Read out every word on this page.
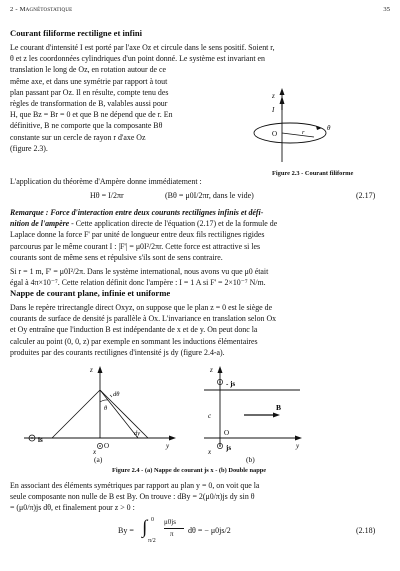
2 - Magnétostatique	35
Courant filiforme rectiligne et infini
Le courant d'intensité I est porté par l'axe Oz et circule dans le sens positif. Soient r,
θ et z les coordonnées cylindriques d'un point donné. Le système est invariant en
translation le long de Oz, en rotation autour de ce
même axe, et dans une symétrie par rapport à tout
plan passant par Oz. Il en résulte, compte tenu des
règles de transformation de B, valables aussi pour
H, que Bz = Br = 0 et que B ne dépend que de r. En
définitive, B ne comporte que la composante Bθ
constante sur un cercle de rayon r d'axe Oz
(figure 2.3).
z
I
O	r
θ
Figure 2.3 - Courant filiforme
L'application du théorème d'Ampère donne immédiatement :
Hθ = I/2πr	(Bθ = μ0I/2πr, dans le vide)	(2.17)
Remarque : Force d'interaction entre deux courants rectilignes infinis et défi-
nition de l'ampère - Cette application directe de l'équation (2.17) et de la formule de
Laplace donne la force F' par unité de longueur entre deux fils rectilignes rigides
parcourus par le même courant I : |F'| = μ0I²/2πr. Cette force est attractive si les
courants sont de même sens et répulsive s'ils sont de sens contraire.
Si r = 1 m, F' = μ0I²/2π. Dans le système international, nous avons vu que μ0 était
égal à 4π×10⁻⁷. Cette relation définit donc l'ampère : I = 1 A si F' = 2×10⁻⁷ N/m.
Nappe de courant plane, infinie et uniforme
Dans le repère trirectangle direct Oxyz, on suppose que le plan z = 0 est le siège de
courants de surface de densité js parallèle à Ox. L'invariance en translation selon Ox
et Oy entraîne que l'induction B est indépendante de x et de y. On peut donc la
calculer au point (0, 0, z) par exemple en sommant les inductions élémentaires
produites par des courants rectilignes d'intensité js dy (figure 2.4-a).
z
is
dθ
θ
dy
y
x
O
(a)
z
- js
c
B
js
O
x
y
(b)
Figure 2.4 - (a) Nappe de courant js x - (b) Double nappe
En associant des éléments symétriques par rapport au plan y = 0, on voit que la
seule composante non nulle de B est By. On trouve : dBy = 2(μ0/π)js dy sin θ
= (μ0/π)js dθ, et finalement pour z > 0 :
By = ∫ 0
π/2
μ0js
π dθ = − μ0js/2	(2.18)
